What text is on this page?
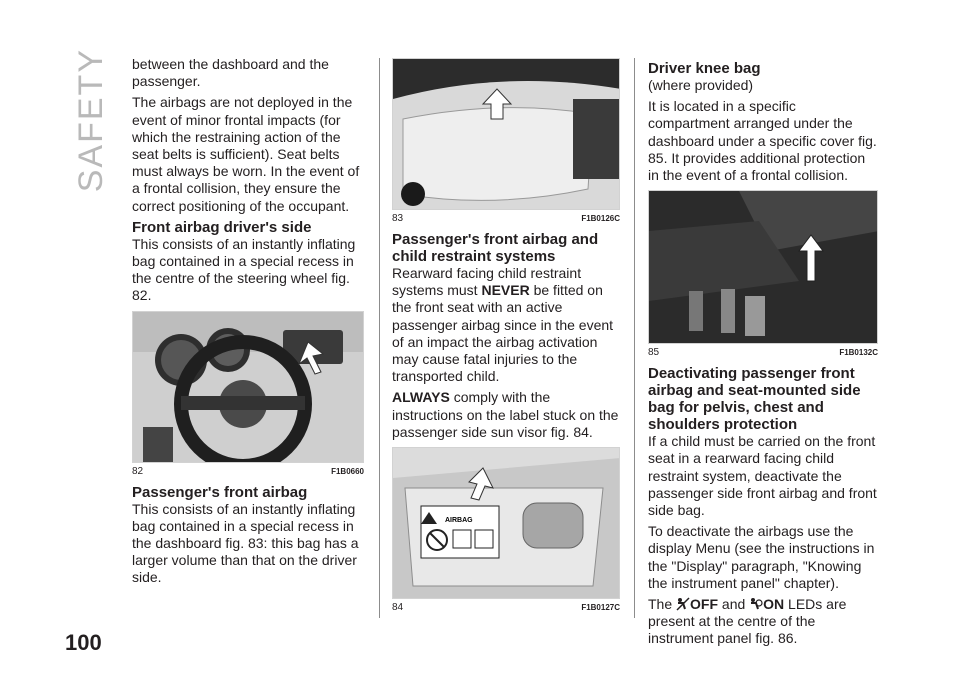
SAFETY
100

between the dashboard and the passenger.

The airbags are not deployed in the event of minor frontal impacts (for which the restraining action of the seat belts is sufficient). Seat belts must always be worn. In the event of a frontal collision, they ensure the correct positioning of the occupant.

Front airbag driver's side

This consists of an instantly inflating bag contained in a special recess in the centre of the steering wheel fig. 82.

82	F1B0660
Passenger's front airbag

This consists of an instantly inflating bag contained in a special recess in the dashboard fig. 83: this bag has a larger volume than that on the driver side.

83	F1B0126C
Passenger's front airbag and child restraint systems

Rearward facing child restraint systems must NEVER be fitted on the front seat with an active passenger airbag since in the event of an impact the airbag activation may cause fatal injuries to the transported child.

ALWAYS comply with the instructions on the label stuck on the passenger side sun visor fig. 84.

AIRBAG
84	F1B0127C
Driver knee bag

(where provided)

It is located in a specific compartment arranged under the dashboard under a specific cover fig. 85. It provides additional protection in the event of a frontal collision.

85	F1B0132C
Deactivating passenger front airbag and seat-mounted side bag for pelvis, chest and shoulders protection

If a child must be carried on the front seat in a rearward facing child restraint system, deactivate the passenger side front airbag and front side bag.

To deactivate the airbags use the display Menu (see the instructions in the "Display" paragraph, "Knowing the instrument panel" chapter).

The OFF and ON LEDs are present at the centre of the instrument panel fig. 86.
